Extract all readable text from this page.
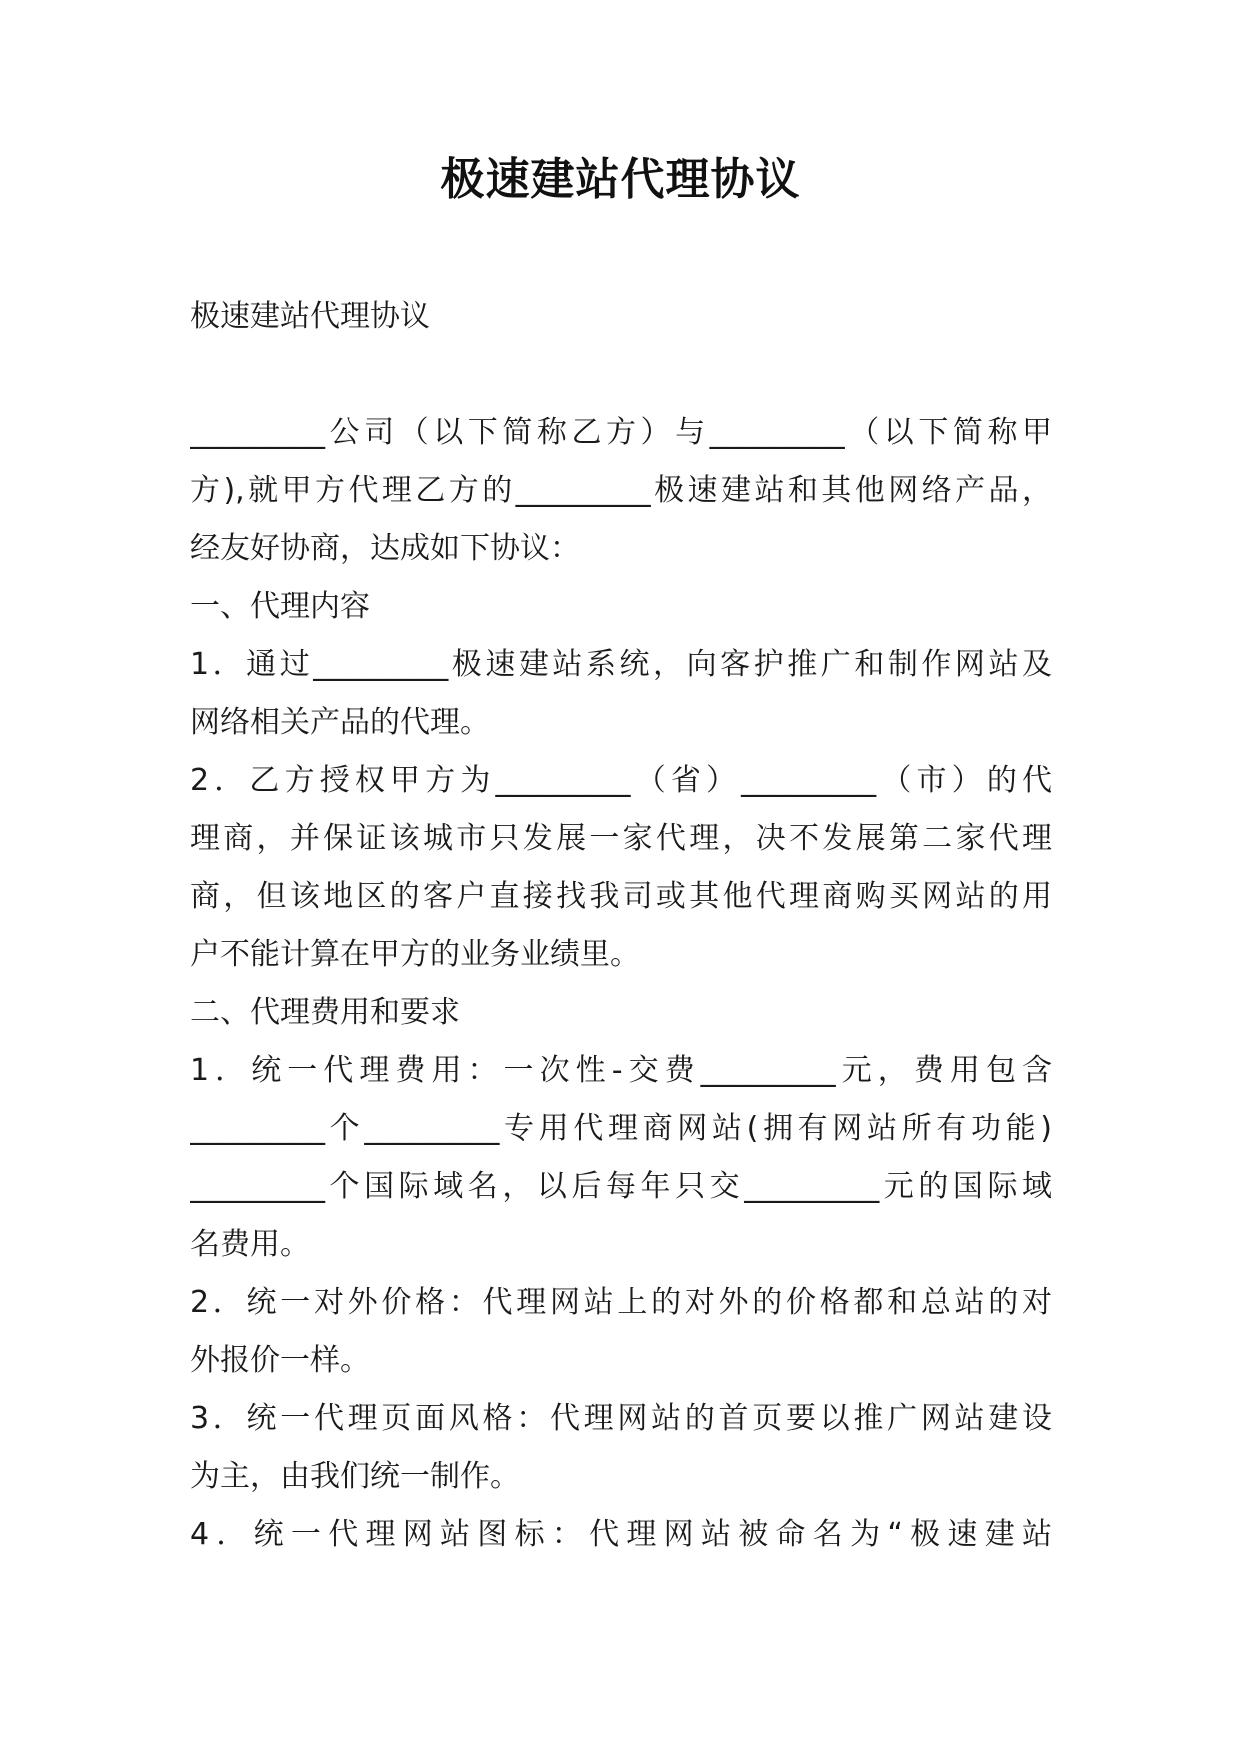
极速建站代理协议
极速建站代理协议
_________公司（以下简称乙方）与_________（以下简称甲
方),就甲方代理乙方的_________极速建站和其他网络产品，
经友好协商，达成如下协议：
一、代理内容
1．通过_________极速建站系统，向客护推广和制作网站及
网络相关产品的代理。
2．乙方授权甲方为_________（省）_________（市）的代
理商，并保证该城市只发展一家代理，决不发展第二家代理
商，但该地区的客户直接找我司或其他代理商购买网站的用
户不能计算在甲方的业务业绩里。
二、代理费用和要求
1．统一代理费用：一次性-交费_________元，费用包含
_________个_________专用代理商网站(拥有网站所有功能)
_________个国际域名，以后每年只交_________元的国际域
名费用。
2．统一对外价格：代理网站上的对外的价格都和总站的对
外报价一样。
3．统一代理页面风格：代理网站的首页要以推广网站建设
为主，由我们统一制作。
4．统一代理网站图标：代理网站被命名为“极速建站
